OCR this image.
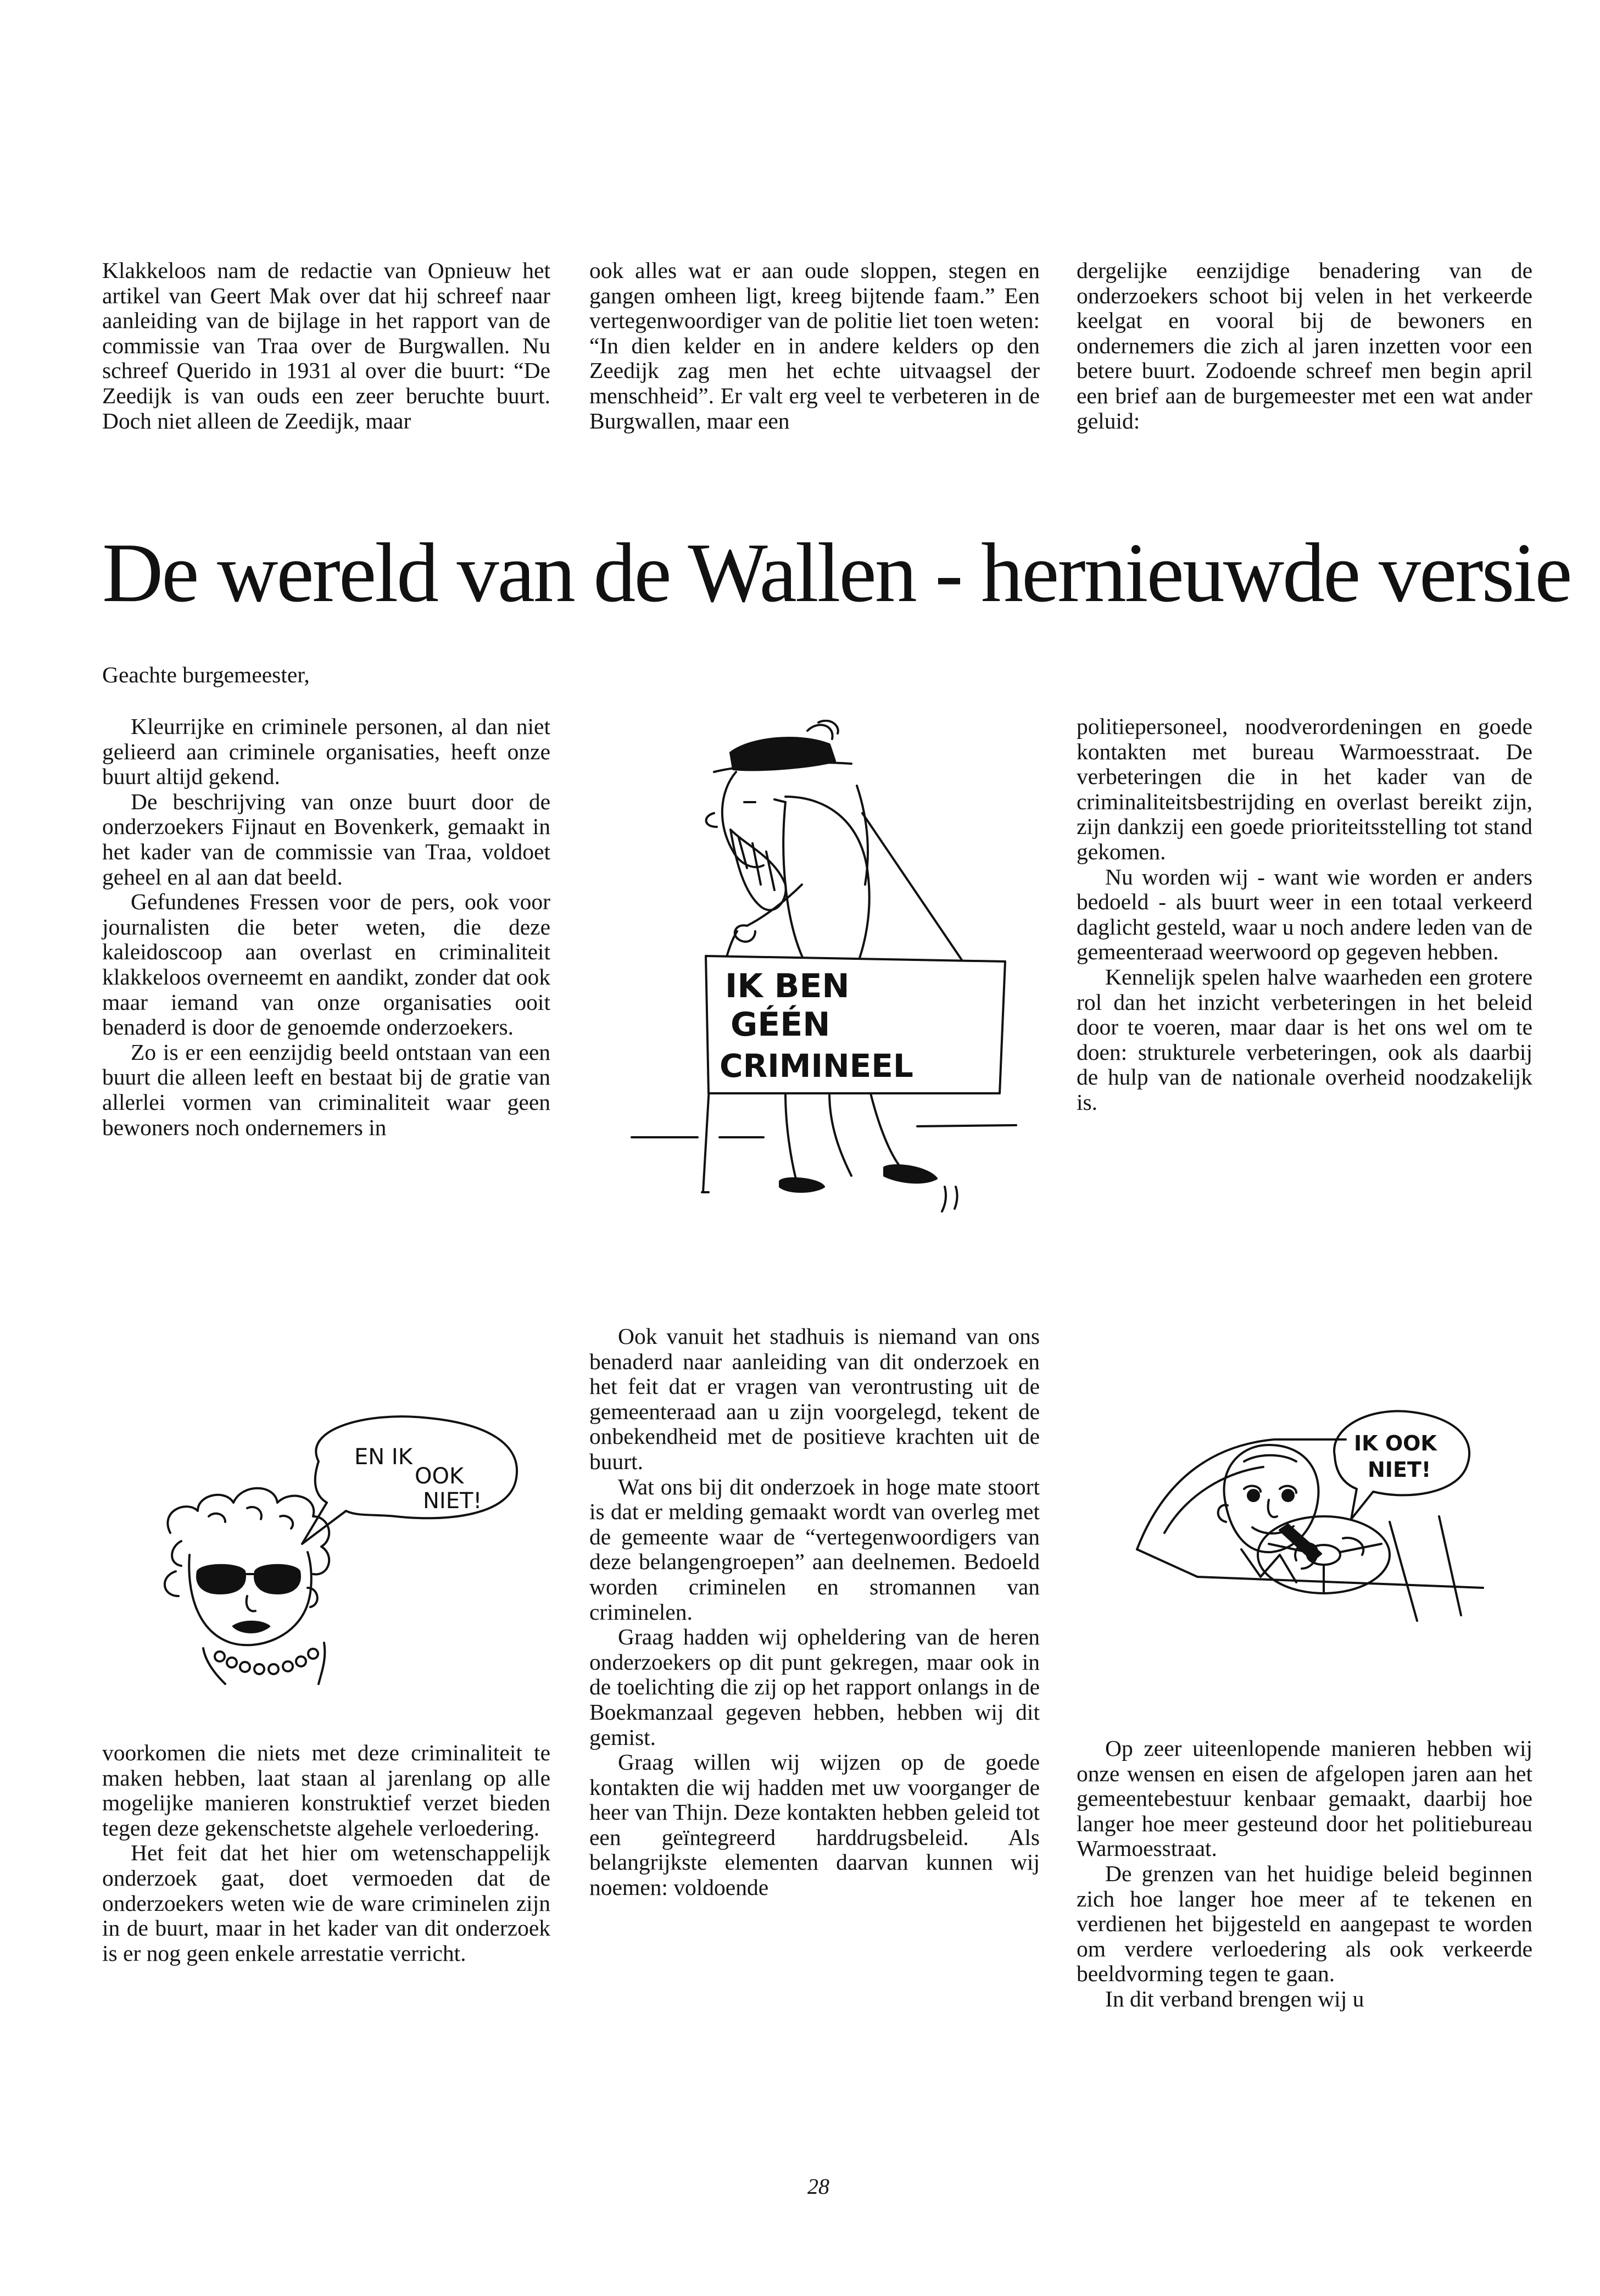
Klakkeloos nam de redactie van Opnieuw het artikel van Geert Mak over dat hij schreef naar aanleiding van de bijlage in het rapport van de commissie van Traa over de Burgwallen. Nu schreef Querido in 1931 al over die buurt: “De Zeedijk is van ouds een zeer beruchte buurt. Doch niet alleen de Zeedijk, maar

ook alles wat er aan oude sloppen, stegen en gangen omheen ligt, kreeg bijtende faam.” Een vertegenwoordiger van de politie liet toen weten: “In dien kelder en in andere kelders op den Zeedijk zag men het echte uitvaagsel der menschheid”. Er valt erg veel te verbeteren in de Burgwallen, maar een

dergelijke eenzijdige benadering van de onderzoekers schoot bij velen in het verkeerde keelgat en vooral bij de bewoners en ondernemers die zich al jaren inzetten voor een betere buurt. Zodoende schreef men begin april een brief aan de burgemeester met een wat ander geluid:

De wereld van de Wallen - hernieuwde versie
Geachte burgemeester,

Kleurrijke en criminele personen, al dan niet gelieerd aan criminele organisaties, heeft onze buurt altijd gekend.

De beschrijving van onze buurt door de onderzoekers Fijnaut en Bovenkerk, gemaakt in het kader van de commissie van Traa, voldoet geheel en al aan dat beeld.

Gefundenes Fressen voor de pers, ook voor journalisten die beter weten, die deze kaleidoscoop aan overlast en criminaliteit klakkeloos overneemt en aandikt, zonder dat ook maar iemand van onze organisaties ooit benaderd is door de genoemde onderzoekers.

Zo is er een eenzijdig beeld ontstaan van een buurt die alleen leeft en bestaat bij de gratie van allerlei vormen van criminaliteit waar geen bewoners noch ondernemers in

EN IK
OOK
NIET!

voorkomen die niets met deze criminaliteit te maken hebben, laat staan al jarenlang op alle mogelijke manieren konstruktief verzet bieden tegen deze gekenschetste algehele verloedering.

Het feit dat het hier om wetenschappelijk onderzoek gaat, doet vermoeden dat de onderzoekers weten wie de ware criminelen zijn in de buurt, maar in het kader van dit onderzoek is er nog geen enkele arrestatie verricht.

IK BEN
GÉÉN
CRIMINEEL

Ook vanuit het stadhuis is niemand van ons benaderd naar aanleiding van dit onderzoek en het feit dat er vragen van verontrusting uit de gemeenteraad aan u zijn voorgelegd, tekent de onbekendheid met de positieve krachten uit de buurt.

Wat ons bij dit onderzoek in hoge mate stoort is dat er melding gemaakt wordt van overleg met de gemeente waar de “vertegenwoordigers van deze belangengroepen” aan deelnemen. Bedoeld worden criminelen en stromannen van criminelen.

Graag hadden wij opheldering van de heren onderzoekers op dit punt gekregen, maar ook in de toelichting die zij op het rapport onlangs in de Boekmanzaal gegeven hebben, hebben wij dit gemist.

Graag willen wij wijzen op de goede kontakten die wij hadden met uw voorganger de heer van Thijn. Deze kontakten hebben geleid tot een geïntegreerd harddrugsbeleid. Als belangrijkste elementen daarvan kunnen wij noemen: voldoende

politiepersoneel, noodverordeningen en goede kontakten met bureau Warmoesstraat. De verbeteringen die in het kader van de criminaliteitsbestrijding en overlast bereikt zijn, zijn dankzij een goede prioriteitsstelling tot stand gekomen.

Nu worden wij - want wie worden er anders bedoeld - als buurt weer in een totaal verkeerd daglicht gesteld, waar u noch andere leden van de gemeenteraad weerwoord op gegeven hebben.

Kennelijk spelen halve waarheden een grotere rol dan het inzicht verbeteringen in het beleid door te voeren, maar daar is het ons wel om te doen: strukturele verbeteringen, ook als daarbij de hulp van de nationale overheid noodzakelijk is.

IK OOK
NIET!

Op zeer uiteenlopende manieren hebben wij onze wensen en eisen de afgelopen jaren aan het gemeentebestuur kenbaar gemaakt, daarbij hoe langer hoe meer gesteund door het politiebureau Warmoesstraat.

De grenzen van het huidige beleid beginnen zich hoe langer hoe meer af te tekenen en verdienen het bijgesteld en aangepast te worden om verdere verloedering als ook verkeerde beeldvorming tegen te gaan.

In dit verband brengen wij u

28
